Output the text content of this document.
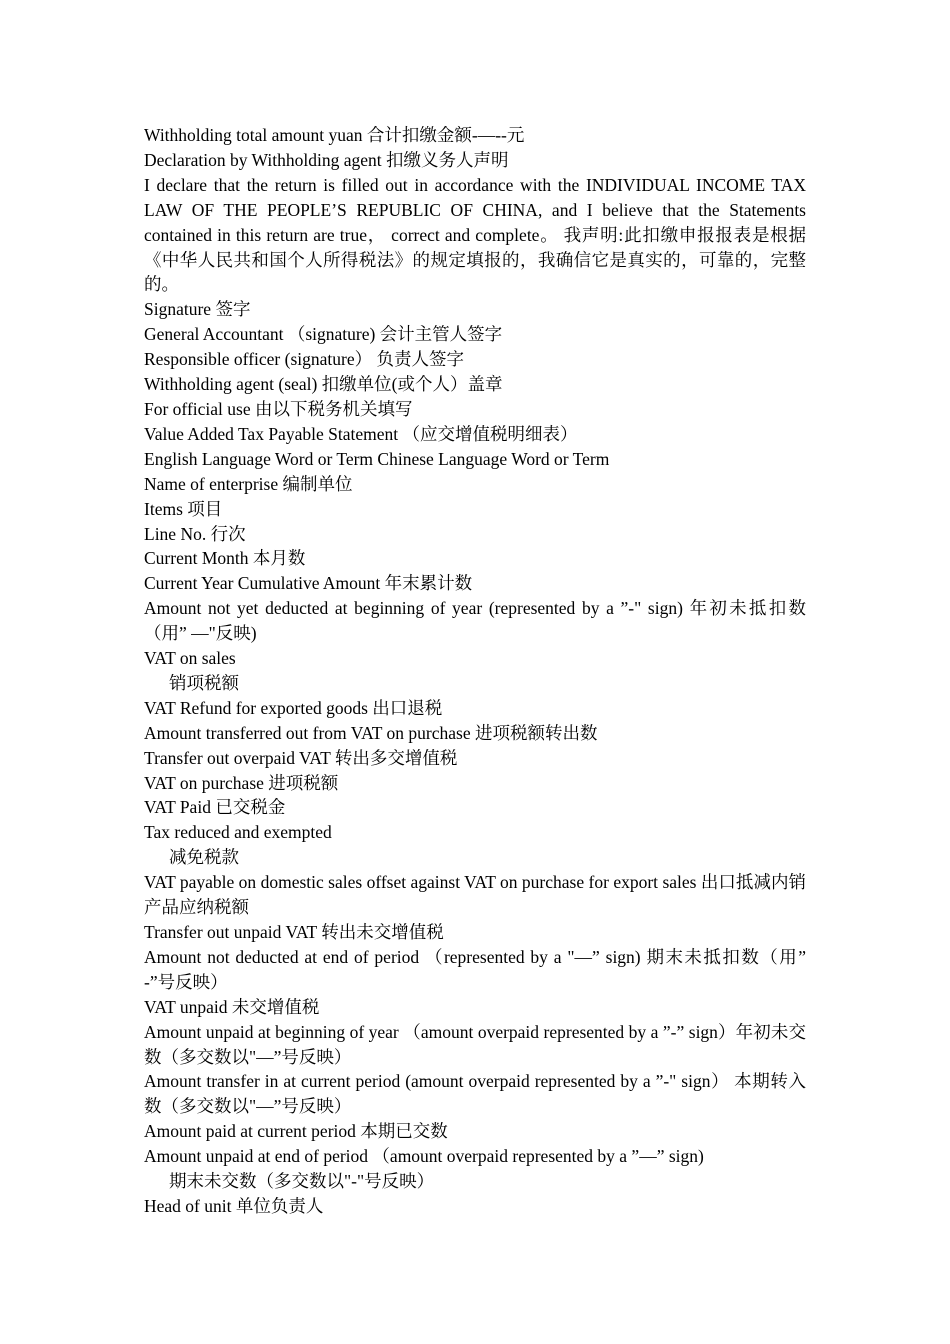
Withholding total amount yuan 合计扣缴金额-—--元
Declaration by Withholding agent 扣缴义务人声明
I declare that the return is filled out in accordance with the INDIVIDUAL INCOME TAX LAW OF THE PEOPLE’S REPUBLIC OF CHINA, and I believe that the Statements contained in this return are true， correct and complete。 我声明:此扣缴申报报表是根据《中华人民共和国个人所得税法》的规定填报的，我确信它是真实的，可靠的，完整的。
Signature 签字
General Accountant （signature) 会计主管人签字
Responsible officer (signature） 负责人签字
Withholding agent (seal) 扣缴单位(或个人）盖章
For official use 由以下税务机关填写
Value Added Tax Payable Statement （应交增值税明细表）
English Language Word or Term Chinese Language Word or Term
Name of enterprise 编制单位
Items 项目
Line No. 行次
Current Month 本月数
Current Year Cumulative Amount 年末累计数
Amount not yet deducted at beginning of year (represented by a ”-" sign) 年初未抵扣数（用” —"反映)
VAT on sales
销项税额
VAT Refund for exported goods 出口退税
Amount transferred out from VAT on purchase 进项税额转出数
Transfer out overpaid VAT 转出多交增值税
VAT on purchase 进项税额
VAT Paid 已交税金
Tax reduced and exempted
减免税款
VAT payable on domestic sales offset against VAT on purchase for export sales 出口抵减内销产品应纳税额
Transfer out unpaid VAT 转出未交增值税
Amount not deducted at end of period （represented by a "—” sign) 期末未抵扣数（用” -”号反映）
VAT unpaid 未交增值税
Amount unpaid at beginning of year （amount overpaid represented by a ”-” sign）年初未交数（多交数以"—”号反映）
Amount transfer in at current period (amount overpaid represented by a ”-" sign） 本期转入数（多交数以"—”号反映）
Amount paid at current period 本期已交数
Amount unpaid at end of period （amount overpaid represented by a ”—” sign)
期末未交数（多交数以"-"号反映）
Head of unit 单位负责人
